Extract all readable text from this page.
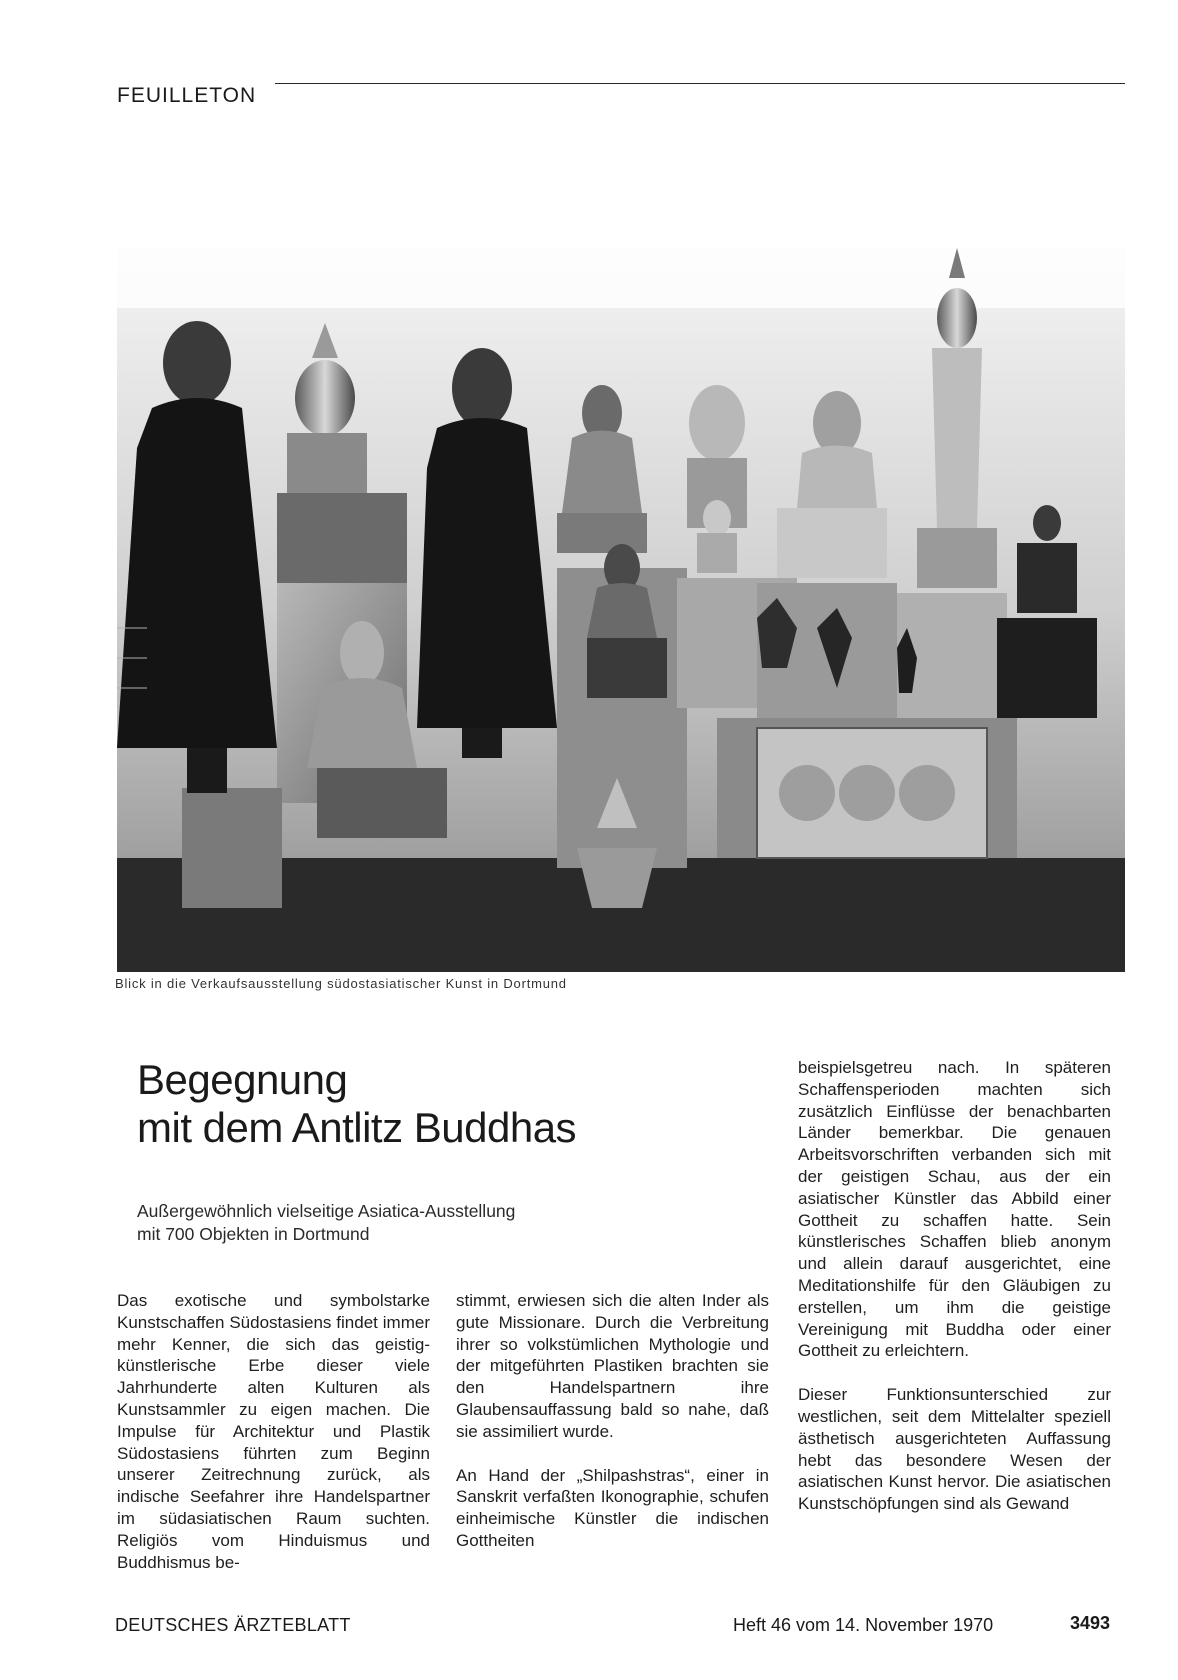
FEUILLETON
Blick in die Verkaufsausstellung südostasiatischer Kunst in Dortmund
Begegnung
mit dem Antlitz Buddhas
Außergewöhnlich vielseitige Asiatica-Ausstellung
mit 700 Objekten in Dortmund

Das exotische und symbolstarke Kunstschaffen Südostasiens findet immer mehr Kenner, die sich das geistig-künstlerische Erbe dieser viele Jahrhunderte alten Kulturen als Kunstsammler zu eigen machen. Die Impulse für Architektur und Plastik Südostasiens führten zum Beginn unserer Zeitrechnung zurück, als indische Seefahrer ihre Handelspartner im südasiatischen Raum suchten. Religiös vom Hinduismus und Buddhismus be-

stimmt, erwiesen sich die alten Inder als gute Missionare. Durch die Verbreitung ihrer so volkstümlichen Mythologie und der mitgeführten Plastiken brachten sie den Handelspartnern ihre Glaubensauffassung bald so nahe, daß sie assimiliert wurde.

An Hand der „Shilpashstras“, einer in Sanskrit verfaßten Ikonographie, schufen einheimische Künstler die indischen Gottheiten

beispielsgetreu nach. In späteren Schaffensperioden machten sich zusätzlich Einflüsse der benachbarten Länder bemerkbar. Die genauen Arbeitsvorschriften verbanden sich mit der geistigen Schau, aus der ein asiatischer Künstler das Abbild einer Gottheit zu schaffen hatte. Sein künstlerisches Schaffen blieb anonym und allein darauf ausgerichtet, eine Meditationshilfe für den Gläubigen zu erstellen, um ihm die geistige Vereinigung mit Buddha oder einer Gottheit zu erleichtern.

Dieser Funktionsunterschied zur westlichen, seit dem Mittelalter speziell ästhetisch ausgerichteten Auffassung hebt das besondere Wesen der asiatischen Kunst hervor. Die asiatischen Kunstschöpfungen sind als Gewand

DEUTSCHES ÄRZTEBLATT	Heft 46 vom 14. November 1970	3493
